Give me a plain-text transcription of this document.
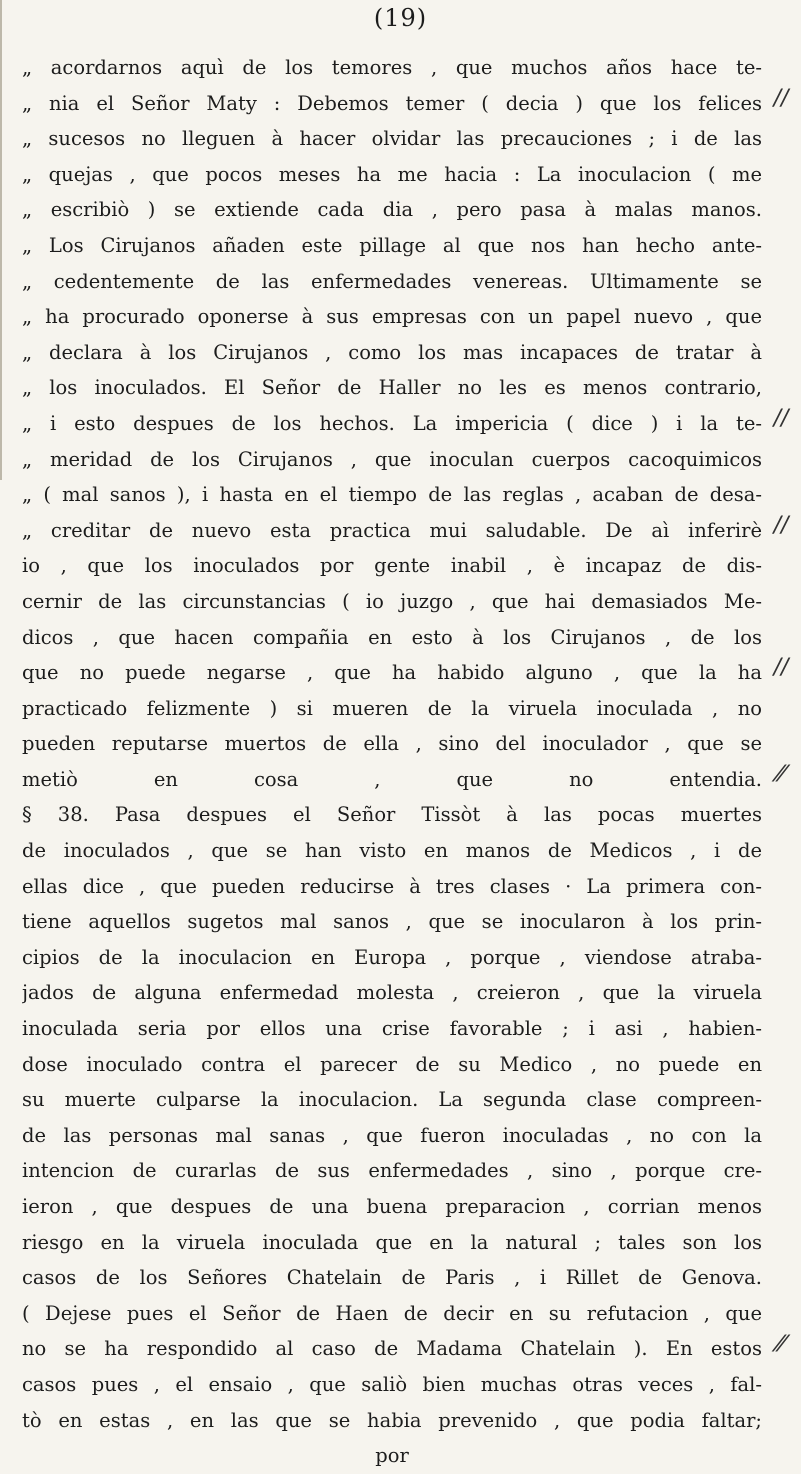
(19)
„ acordarnos aquì de los temores , que muchos años hace te-
„ nia el Señor Maty : Debemos temer ( decia ) que los felices
„ sucesos no lleguen à hacer olvidar las precauciones ; i de las
„ quejas , que pocos meses ha me hacia : La inoculacion ( me
„ escribiò ) se extiende cada dia , pero pasa à malas manos.
„ Los Cirujanos añaden este pillage al que nos han hecho ante-
„ cedentemente de las enfermedades venereas. Ultimamente se
„ ha procurado oponerse à sus empresas con un papel nuevo , que
„ declara à los Cirujanos , como los mas incapaces de tratar à
„ los inoculados. El Señor de Haller no les es menos contrario,
„ i esto despues de los hechos. La impericia ( dice ) i la te-
„ meridad de los Cirujanos , que inoculan cuerpos cacoquimicos
„ ( mal sanos ), i hasta en el tiempo de las reglas , acaban de desa-
„ creditar de nuevo esta practica mui saludable. De aì inferirè
io , que los inoculados por gente inabil , è incapaz de dis-
cernir de las circunstancias ( io juzgo , que hai demasiados Me-
dicos , que hacen compañia en esto à los Cirujanos , de los
que no puede negarse , que ha habido alguno , que la ha
practicado felizmente ) si mueren de la viruela inoculada , no
pueden reputarse muertos de ella , sino del inoculador , que se
metiò en cosa , que no entendia.
§ 38. Pasa despues el Señor Tissòt à las pocas muertes
de inoculados , que se han visto en manos de Medicos , i de
ellas dice , que pueden reducirse à tres clases · La primera con-
tiene aquellos sugetos mal sanos , que se inocularon à los prin-
cipios de la inoculacion en Europa , porque , viendose atraba-
jados de alguna enfermedad molesta , creieron , que la viruela
inoculada seria por ellos una crise favorable ; i asi , habien-
dose inoculado contra el parecer de su Medico , no puede en
su muerte culparse la inoculacion. La segunda clase compreen-
de las personas mal sanas , que fueron inoculadas , no con la
intencion de curarlas de sus enfermedades , sino , porque cre-
ieron , que despues de una buena preparacion , corrian menos
riesgo en la viruela inoculada que en la natural ; tales son los
casos de los Señores Chatelain de Paris , i Rillet de Genova.
( Dejese pues el Señor de Haen de decir en su refutacion , que
no se ha respondido al caso de Madama Chatelain ). En estos
casos pues , el ensaio , que saliò bien muchas otras veces , fal-
tò en estas , en las que se habia prevenido , que podia faltar;
por
//
//
//
//
⁄⁄
⁄⁄
